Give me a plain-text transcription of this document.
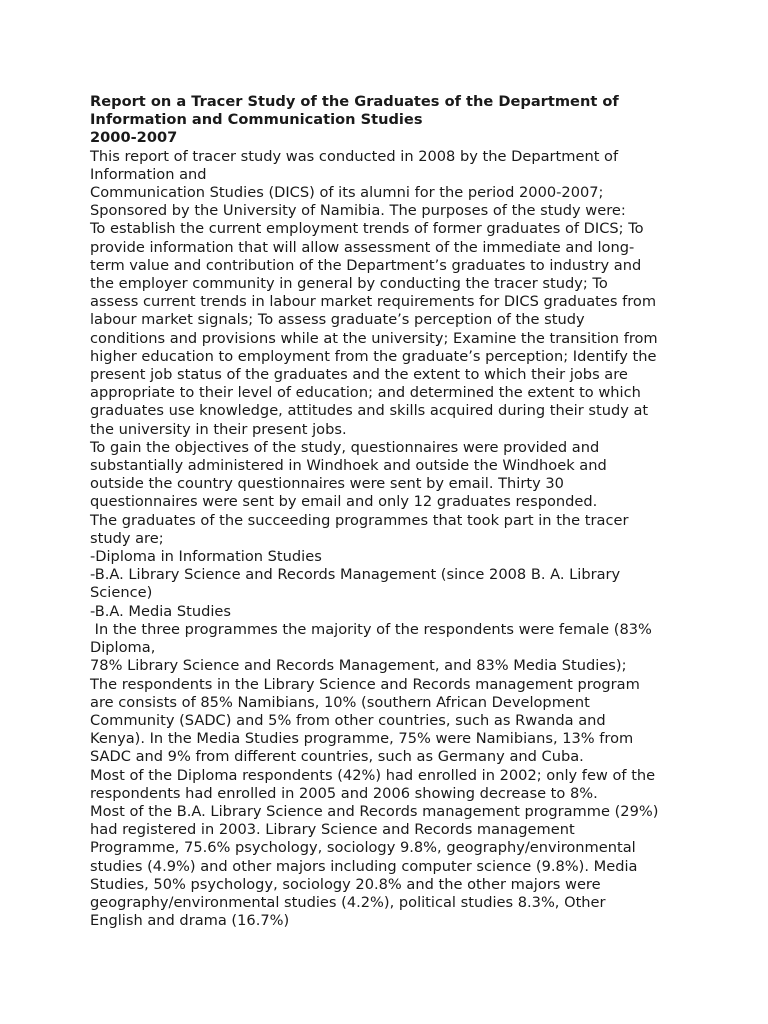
Report on a Tracer Study of the Graduates of the Department of

Information and Communication Studies

2000-2007

This report of tracer study was conducted in 2008 by the Department of

Information and

Communication Studies (DICS) of its alumni for the period 2000-2007;

Sponsored by the University of Namibia. The purposes of the study were:

To establish the current employment trends of former graduates of DICS; To

provide information that will allow assessment of the immediate and long-

term value and contribution of the Department’s graduates to industry and

the employer community in general by conducting the tracer study; To

assess current trends in labour market requirements for DICS graduates from

labour market signals; To assess graduate’s perception of the study

conditions and provisions while at the university; Examine the transition from

higher education to employment from the graduate’s perception; Identify the

present job status of the graduates and the extent to which their jobs are

appropriate to their level of education; and determined the extent to which

graduates use knowledge, attitudes and skills acquired during their study at

the university in their present jobs.

To gain the objectives of the study, questionnaires were provided and

substantially administered in Windhoek and outside the Windhoek and

outside the country questionnaires were sent by email. Thirty 30

questionnaires were sent by email and only 12 graduates responded.

The graduates of the succeeding programmes that took part in the tracer

study are;

-Diploma in Information Studies

-B.A. Library Science and Records Management (since 2008 B. A. Library

Science)

-B.A. Media Studies

In the three programmes the majority of the respondents were female (83%

Diploma,

78% Library Science and Records Management, and 83% Media Studies);

The respondents in the Library Science and Records management program

are consists of 85% Namibians, 10% (southern African Development

Community (SADC) and 5% from other countries, such as Rwanda and

Kenya). In the Media Studies programme, 75% were Namibians, 13% from

SADC and 9% from different countries, such as Germany and Cuba.

Most of the Diploma respondents (42%) had enrolled in 2002; only few of the

respondents had enrolled in 2005 and 2006 showing decrease to 8%.

Most of the B.A. Library Science and Records management programme (29%)

had registered in 2003. Library Science and Records management

Programme, 75.6% psychology, sociology 9.8%, geography/environmental

studies (4.9%) and other majors including computer science (9.8%). Media

Studies, 50% psychology, sociology 20.8% and the other majors were

geography/environmental studies (4.2%), political studies 8.3%, Other

English and drama (16.7%)
